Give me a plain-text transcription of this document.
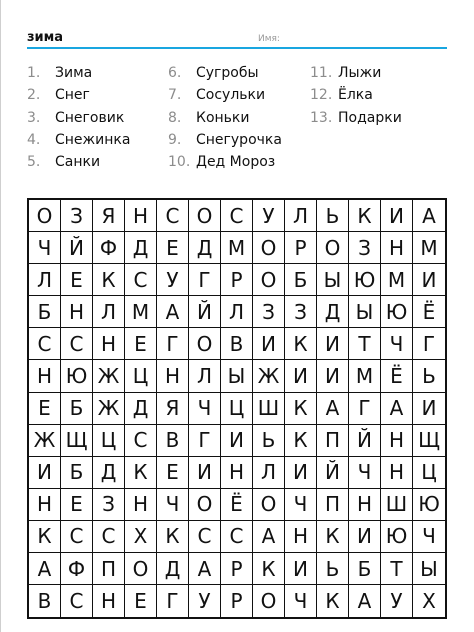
зима	Имя:
1. Зима
2. Снег
3. Снеговик
4. Снежинка
5. Санки
6. Сугробы
7. Сосульки
8. Коньки
9. Снегурочка
10. Дед Мороз
11. Лыжи
12. Ёлка
13. Подарки
О З Я Н С О С У Л Ь К И А
Ч Й Ф Д Е Д М О Р О З Н М
Л Е К С У Г Р О Б Ы Ю М И
Б Н Л М А Й Л З З Д Ы Ю Ё
С С Н Е Г О В И К И Т Ч Г
Н Ю Ж Ц Н Л Ы Ж И И М Ё Ь
Е Б Ж Д Я Ч Ц Ш К А Г А И
Ж Щ Ц С В Г И Ь К П Й Н Щ
И Б Д К Е И Н Л И Й Ч Н Ц
Н Е З Н Ч О Ё О Ч П Н Ш Ю
К С С Х К С С А Н К И Ю Ч
А Ф П О Д А Р К И Ь Б Т Ы
В С Н Е Г У Р О Ч К А У Х
